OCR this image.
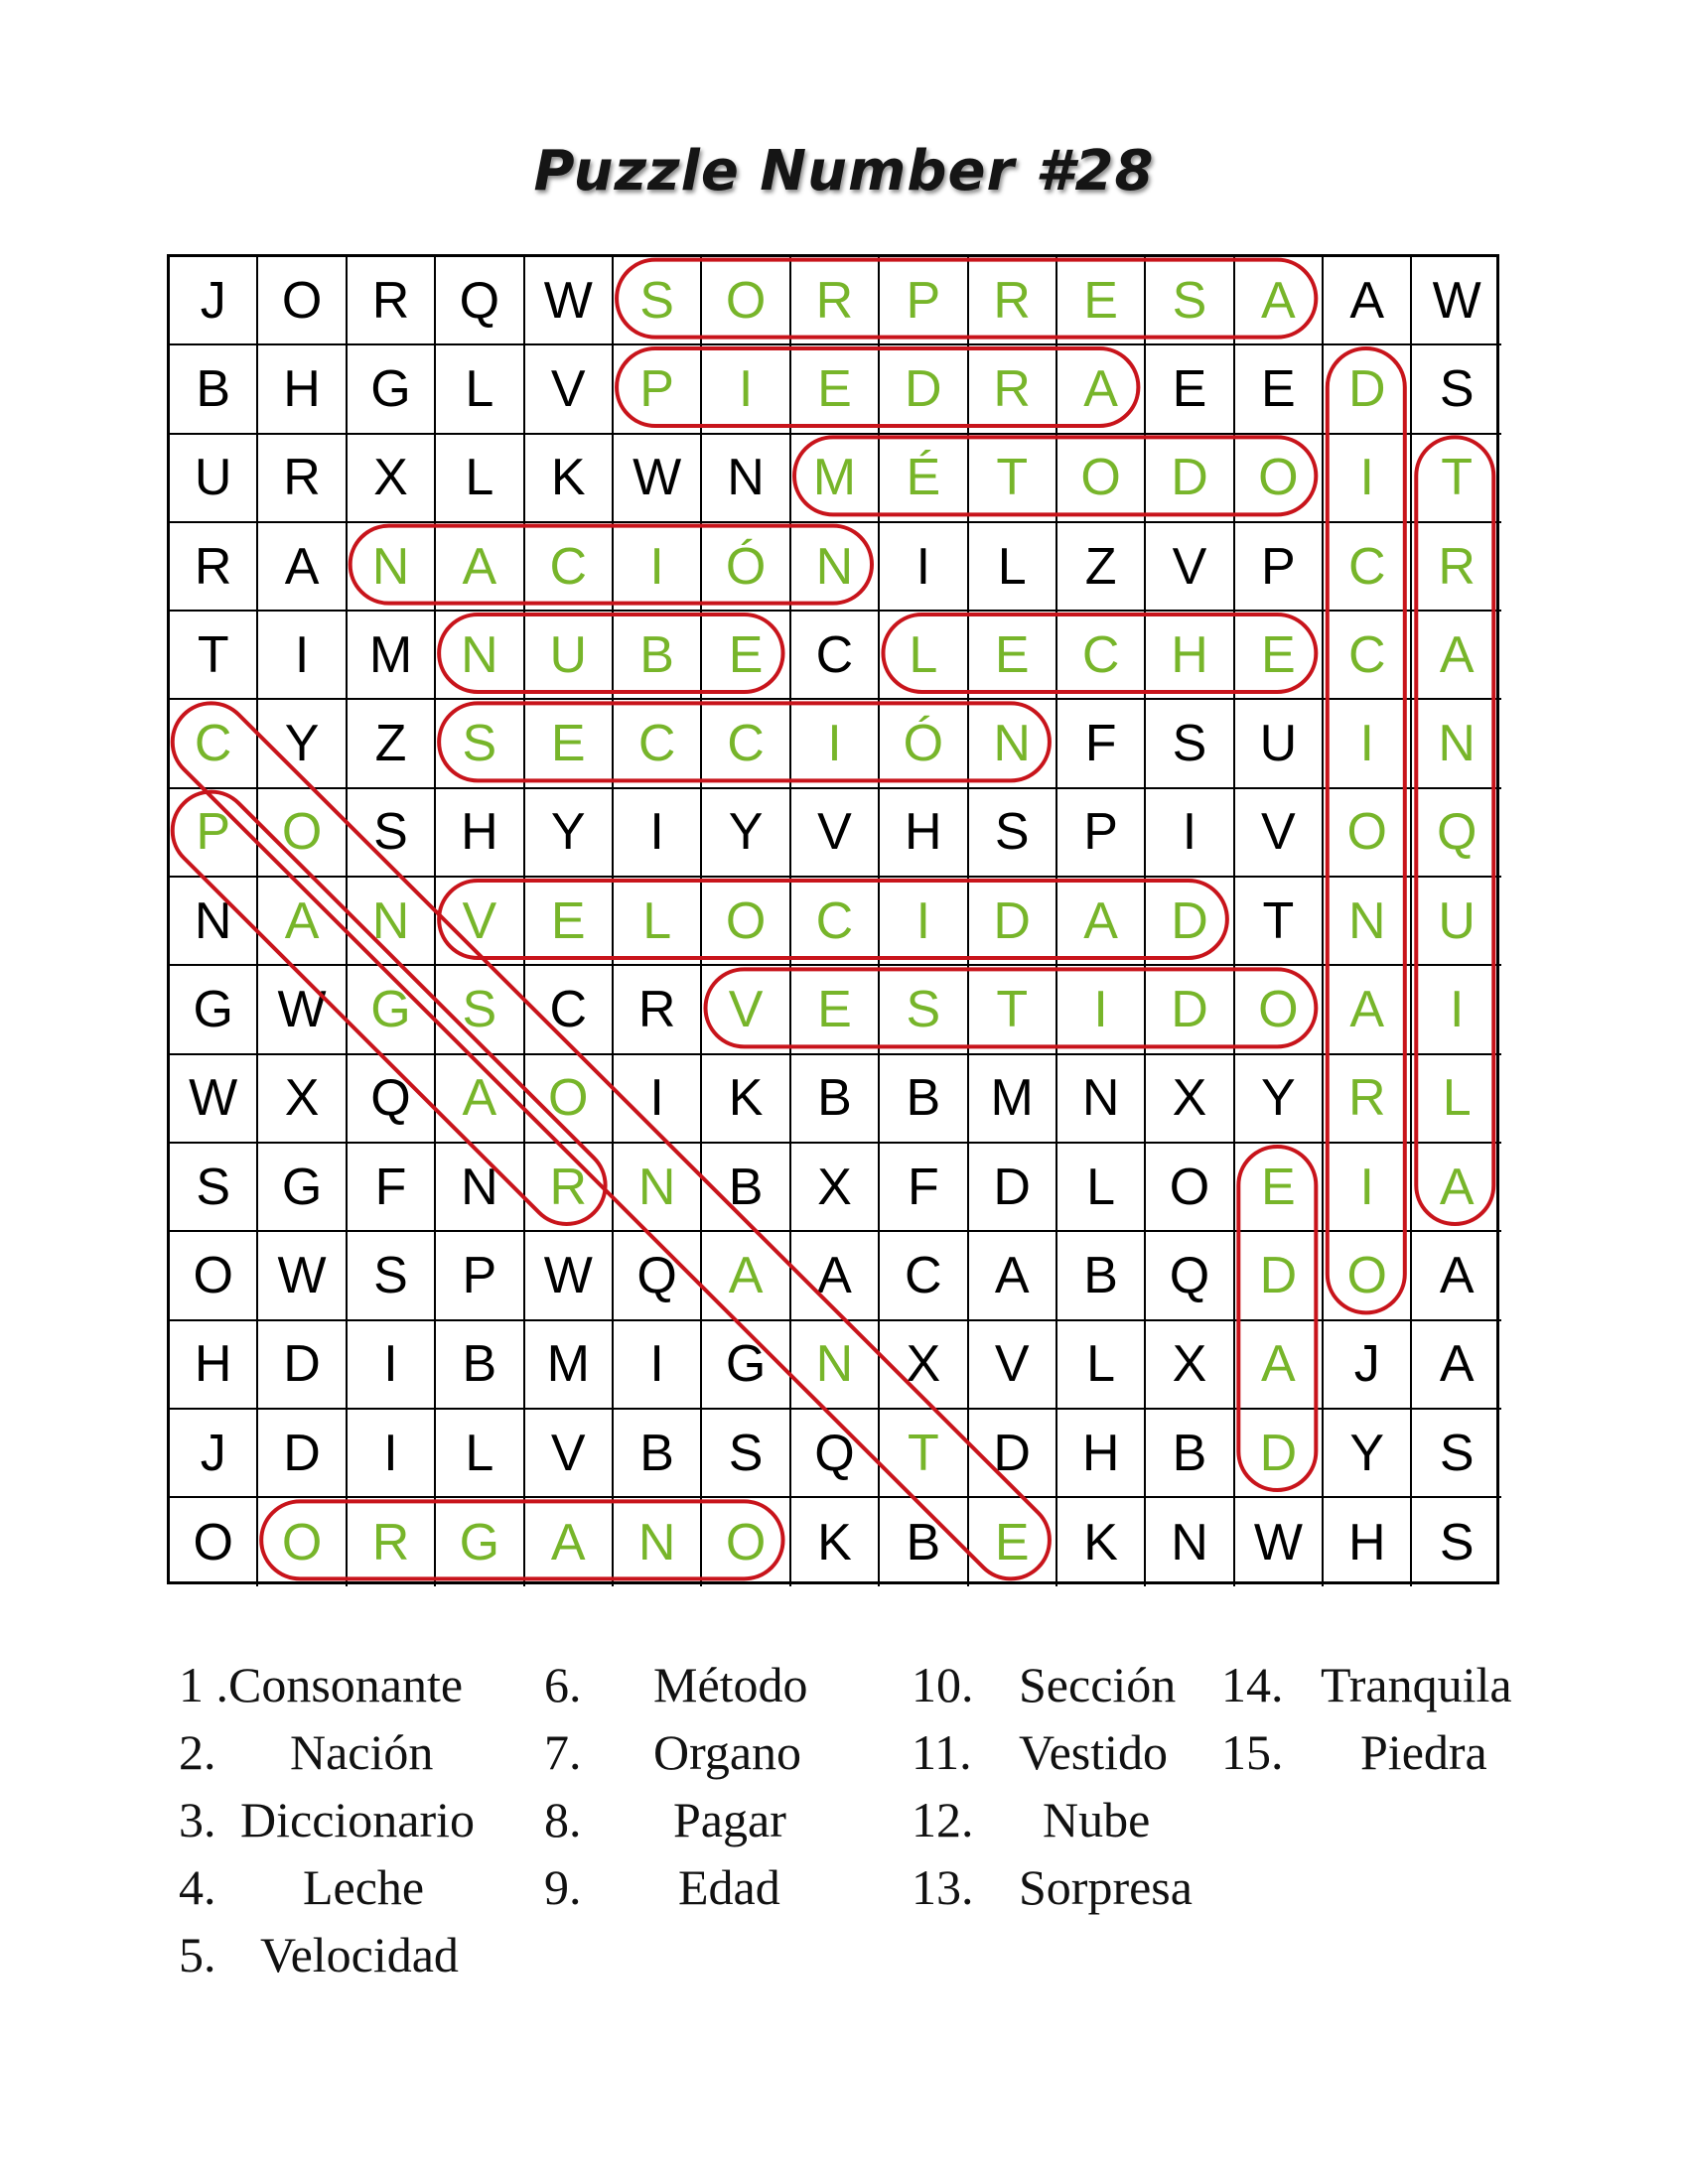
Puzzle Number #28
J	O R Q W S O R	P	R	E	S	A	A W
B	H G	L	V	P	I	E	D R	A	E	E	D	S
U R	X	L	K W N M É	T	O D O	I	T
R	A	N	A	C	I	Ó N	I	L	Z	V	P	C	R
T	I	M N U	B	E	C	L	E	C H	E	C	A
C	Y	Z	S	E	C C	I	Ó N	F	S	U	I	N
P O S	H	Y	I	Y	V	H	S	P	I	V O Q
N	A	N	V	E	L	O C	I	D	A	D	T	N	U
G W G S	C R	V	E	S	T	I	D O A	I
W X Q A O	I	K	B	B M N	X	Y	R	L
S G	F	N R N	B	X	F	D	L	O E	I	A
O W S	P W Q A	A	C	A	B Q D O	A
H D	I	B M	I	G N	X	V	L	X	A	J	A
J	D	I	L	V	B	S Q	T	D H	B	D	Y	S
O O R G A	N O K	B	E	K	N W H	S
1 . Consonante
2. Nación
3. Diccionario
4. Leche
5. Velocidad
6. Método
7. Organo
8. Pagar
9. Edad
10. Sección
11. Vestido
12. Nube
13. Sorpresa
14. Tranquila
15. Piedra
